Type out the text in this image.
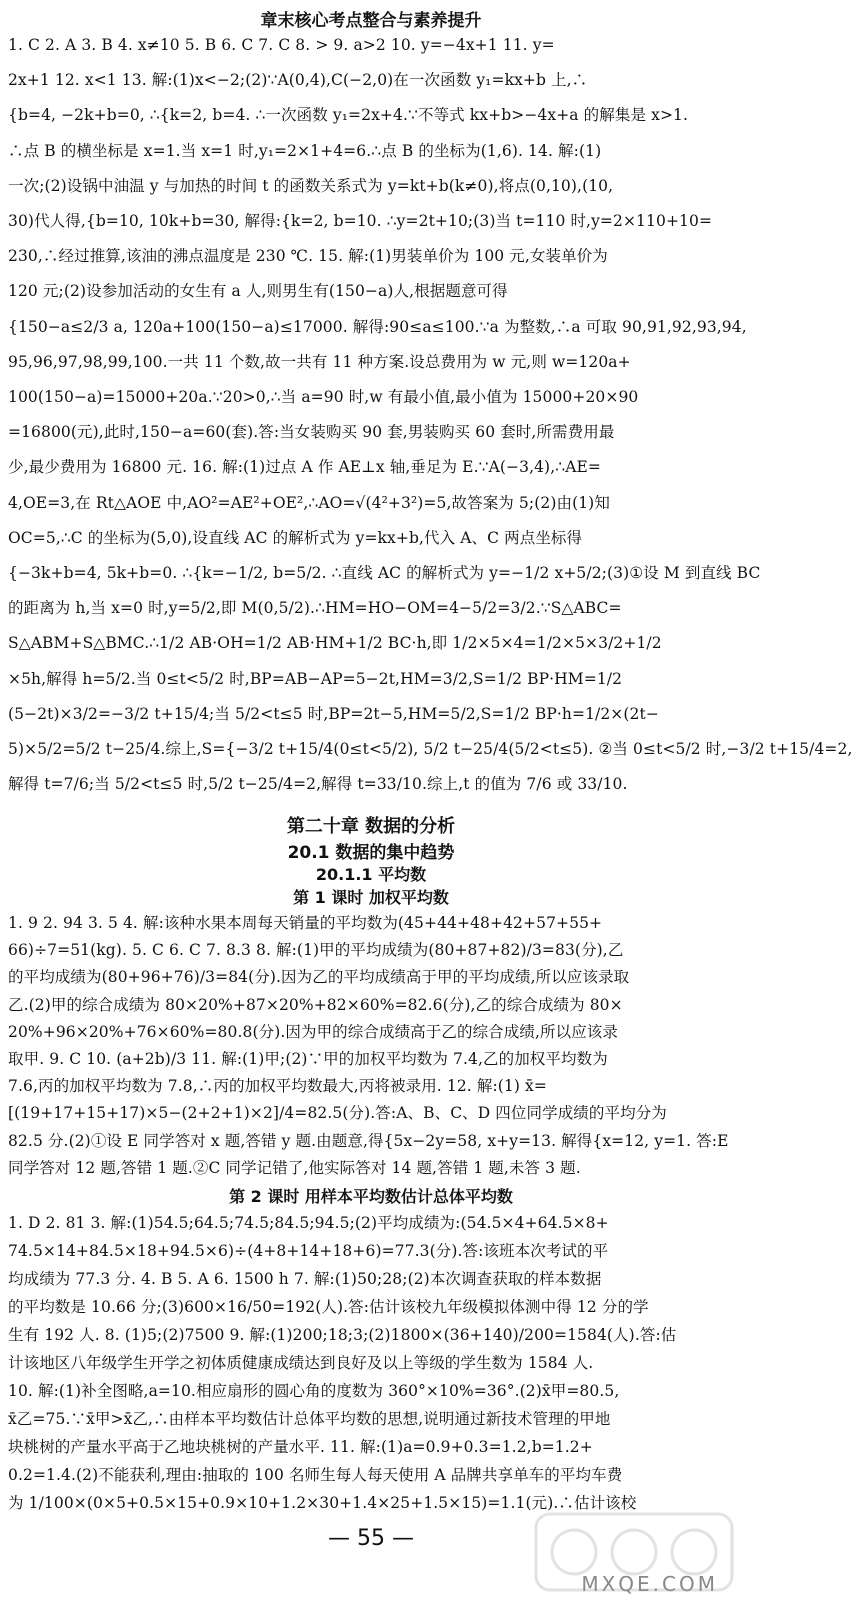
章末核心考点整合与素养提升
1. C 2. A 3. B 4. x≠10 5. B 6. C 7. C 8. > 9. a>2 10. y=−4x+1 11. y=
2x+1 12. x<1 13. 解:(1)x<−2;(2)∵A(0,4),C(−2,0)在一次函数 y₁=kx+b 上,∴
{b=4, −2k+b=0, ∴{k=2, b=4. ∴一次函数 y₁=2x+4.∵不等式 kx+b>−4x+a 的解集是 x>1.
∴点 B 的横坐标是 x=1.当 x=1 时,y₁=2×1+4=6.∴点 B 的坐标为(1,6). 14. 解:(1)
一次;(2)设锅中油温 y 与加热的时间 t 的函数关系式为 y=kt+b(k≠0),将点(0,10),(10,
30)代人得,{b=10, 10k+b=30, 解得:{k=2, b=10. ∴y=2t+10;(3)当 t=110 时,y=2×110+10=
230,∴经过推算,该油的沸点温度是 230 ℃. 15. 解:(1)男装单价为 100 元,女装单价为
120 元;(2)设参加活动的女生有 a 人,则男生有(150−a)人,根据题意可得
{150−a≤2/3 a, 120a+100(150−a)≤17000. 解得:90≤a≤100.∵a 为整数,∴a 可取 90,91,92,93,94,
95,96,97,98,99,100.一共 11 个数,故一共有 11 种方案.设总费用为 w 元,则 w=120a+
100(150−a)=15000+20a.∵20>0,∴当 a=90 时,w 有最小值,最小值为 15000+20×90
=16800(元),此时,150−a=60(套).答:当女装购买 90 套,男装购买 60 套时,所需费用最
少,最少费用为 16800 元. 16. 解:(1)过点 A 作 AE⊥x 轴,垂足为 E.∵A(−3,4),∴AE=
4,OE=3,在 Rt△AOE 中,AO²=AE²+OE²,∴AO=√(4²+3²)=5,故答案为 5;(2)由(1)知
OC=5,∴C 的坐标为(5,0),设直线 AC 的解析式为 y=kx+b,代入 A、C 两点坐标得
{−3k+b=4, 5k+b=0. ∴{k=−1/2, b=5/2. ∴直线 AC 的解析式为 y=−1/2 x+5/2;(3)①设 M 到直线 BC
的距离为 h,当 x=0 时,y=5/2,即 M(0,5/2).∴HM=HO−OM=4−5/2=3/2.∵S△ABC=
S△ABM+S△BMC.∴1/2 AB·OH=1/2 AB·HM+1/2 BC·h,即 1/2×5×4=1/2×5×3/2+1/2
×5h,解得 h=5/2.当 0≤t<5/2 时,BP=AB−AP=5−2t,HM=3/2,S=1/2 BP·HM=1/2
(5−2t)×3/2=−3/2 t+15/4;当 5/2<t≤5 时,BP=2t−5,HM=5/2,S=1/2 BP·h=1/2×(2t−
5)×5/2=5/2 t−25/4.综上,S={−3/2 t+15/4(0≤t<5/2), 5/2 t−25/4(5/2<t≤5). ②当 0≤t<5/2 时,−3/2 t+15/4=2,
解得 t=7/6;当 5/2<t≤5 时,5/2 t−25/4=2,解得 t=33/10.综上,t 的值为 7/6 或 33/10.
第二十章 数据的分析
20.1 数据的集中趋势
20.1.1 平均数
第 1 课时 加权平均数
1. 9 2. 94 3. 5 4. 解:该种水果本周每天销量的平均数为(45+44+48+42+57+55+
66)÷7=51(kg). 5. C 6. C 7. 8.3 8. 解:(1)甲的平均成绩为(80+87+82)/3=83(分),乙
的平均成绩为(80+96+76)/3=84(分).因为乙的平均成绩高于甲的平均成绩,所以应该录取
乙.(2)甲的综合成绩为 80×20%+87×20%+82×60%=82.6(分),乙的综合成绩为 80×
20%+96×20%+76×60%=80.8(分).因为甲的综合成绩高于乙的综合成绩,所以应该录
取甲. 9. C 10. (a+2b)/3 11. 解:(1)甲;(2)∵甲的加权平均数为 7.4,乙的加权平均数为
7.6,丙的加权平均数为 7.8,∴丙的加权平均数最大,丙将被录用. 12. 解:(1) x̄=
[(19+17+15+17)×5−(2+2+1)×2]/4=82.5(分).答:A、B、C、D 四位同学成绩的平均分为
82.5 分.(2)①设 E 同学答对 x 题,答错 y 题.由题意,得{5x−2y=58, x+y=13. 解得{x=12, y=1. 答:E
同学答对 12 题,答错 1 题.②C 同学记错了,他实际答对 14 题,答错 1 题,未答 3 题.
第 2 课时 用样本平均数估计总体平均数
1. D 2. 81 3. 解:(1)54.5;64.5;74.5;84.5;94.5;(2)平均成绩为:(54.5×4+64.5×8+
74.5×14+84.5×18+94.5×6)÷(4+8+14+18+6)=77.3(分).答:该班本次考试的平
均成绩为 77.3 分. 4. B 5. A 6. 1500 h 7. 解:(1)50;28;(2)本次调查获取的样本数据
的平均数是 10.66 分;(3)600×16/50=192(人).答:估计该校九年级模拟体测中得 12 分的学
生有 192 人. 8. (1)5;(2)7500 9. 解:(1)200;18;3;(2)1800×(36+140)/200=1584(人).答:估
计该地区八年级学生开学之初体质健康成绩达到良好及以上等级的学生数为 1584 人.
10. 解:(1)补全图略,a=10.相应扇形的圆心角的度数为 360°×10%=36°.(2)x̄甲=80.5,
x̄乙=75.∵x̄甲>x̄乙,∴由样本平均数估计总体平均数的思想,说明通过新技术管理的甲地
块桃树的产量水平高于乙地块桃树的产量水平. 11. 解:(1)a=0.9+0.3=1.2,b=1.2+
0.2=1.4.(2)不能获利,理由:抽取的 100 名师生每人每天使用 A 品牌共享单车的平均车费
为 1/100×(0×5+0.5×15+0.9×10+1.2×30+1.4×25+1.5×15)=1.1(元).∴估计该校
— 55 —
MXQE.COM
